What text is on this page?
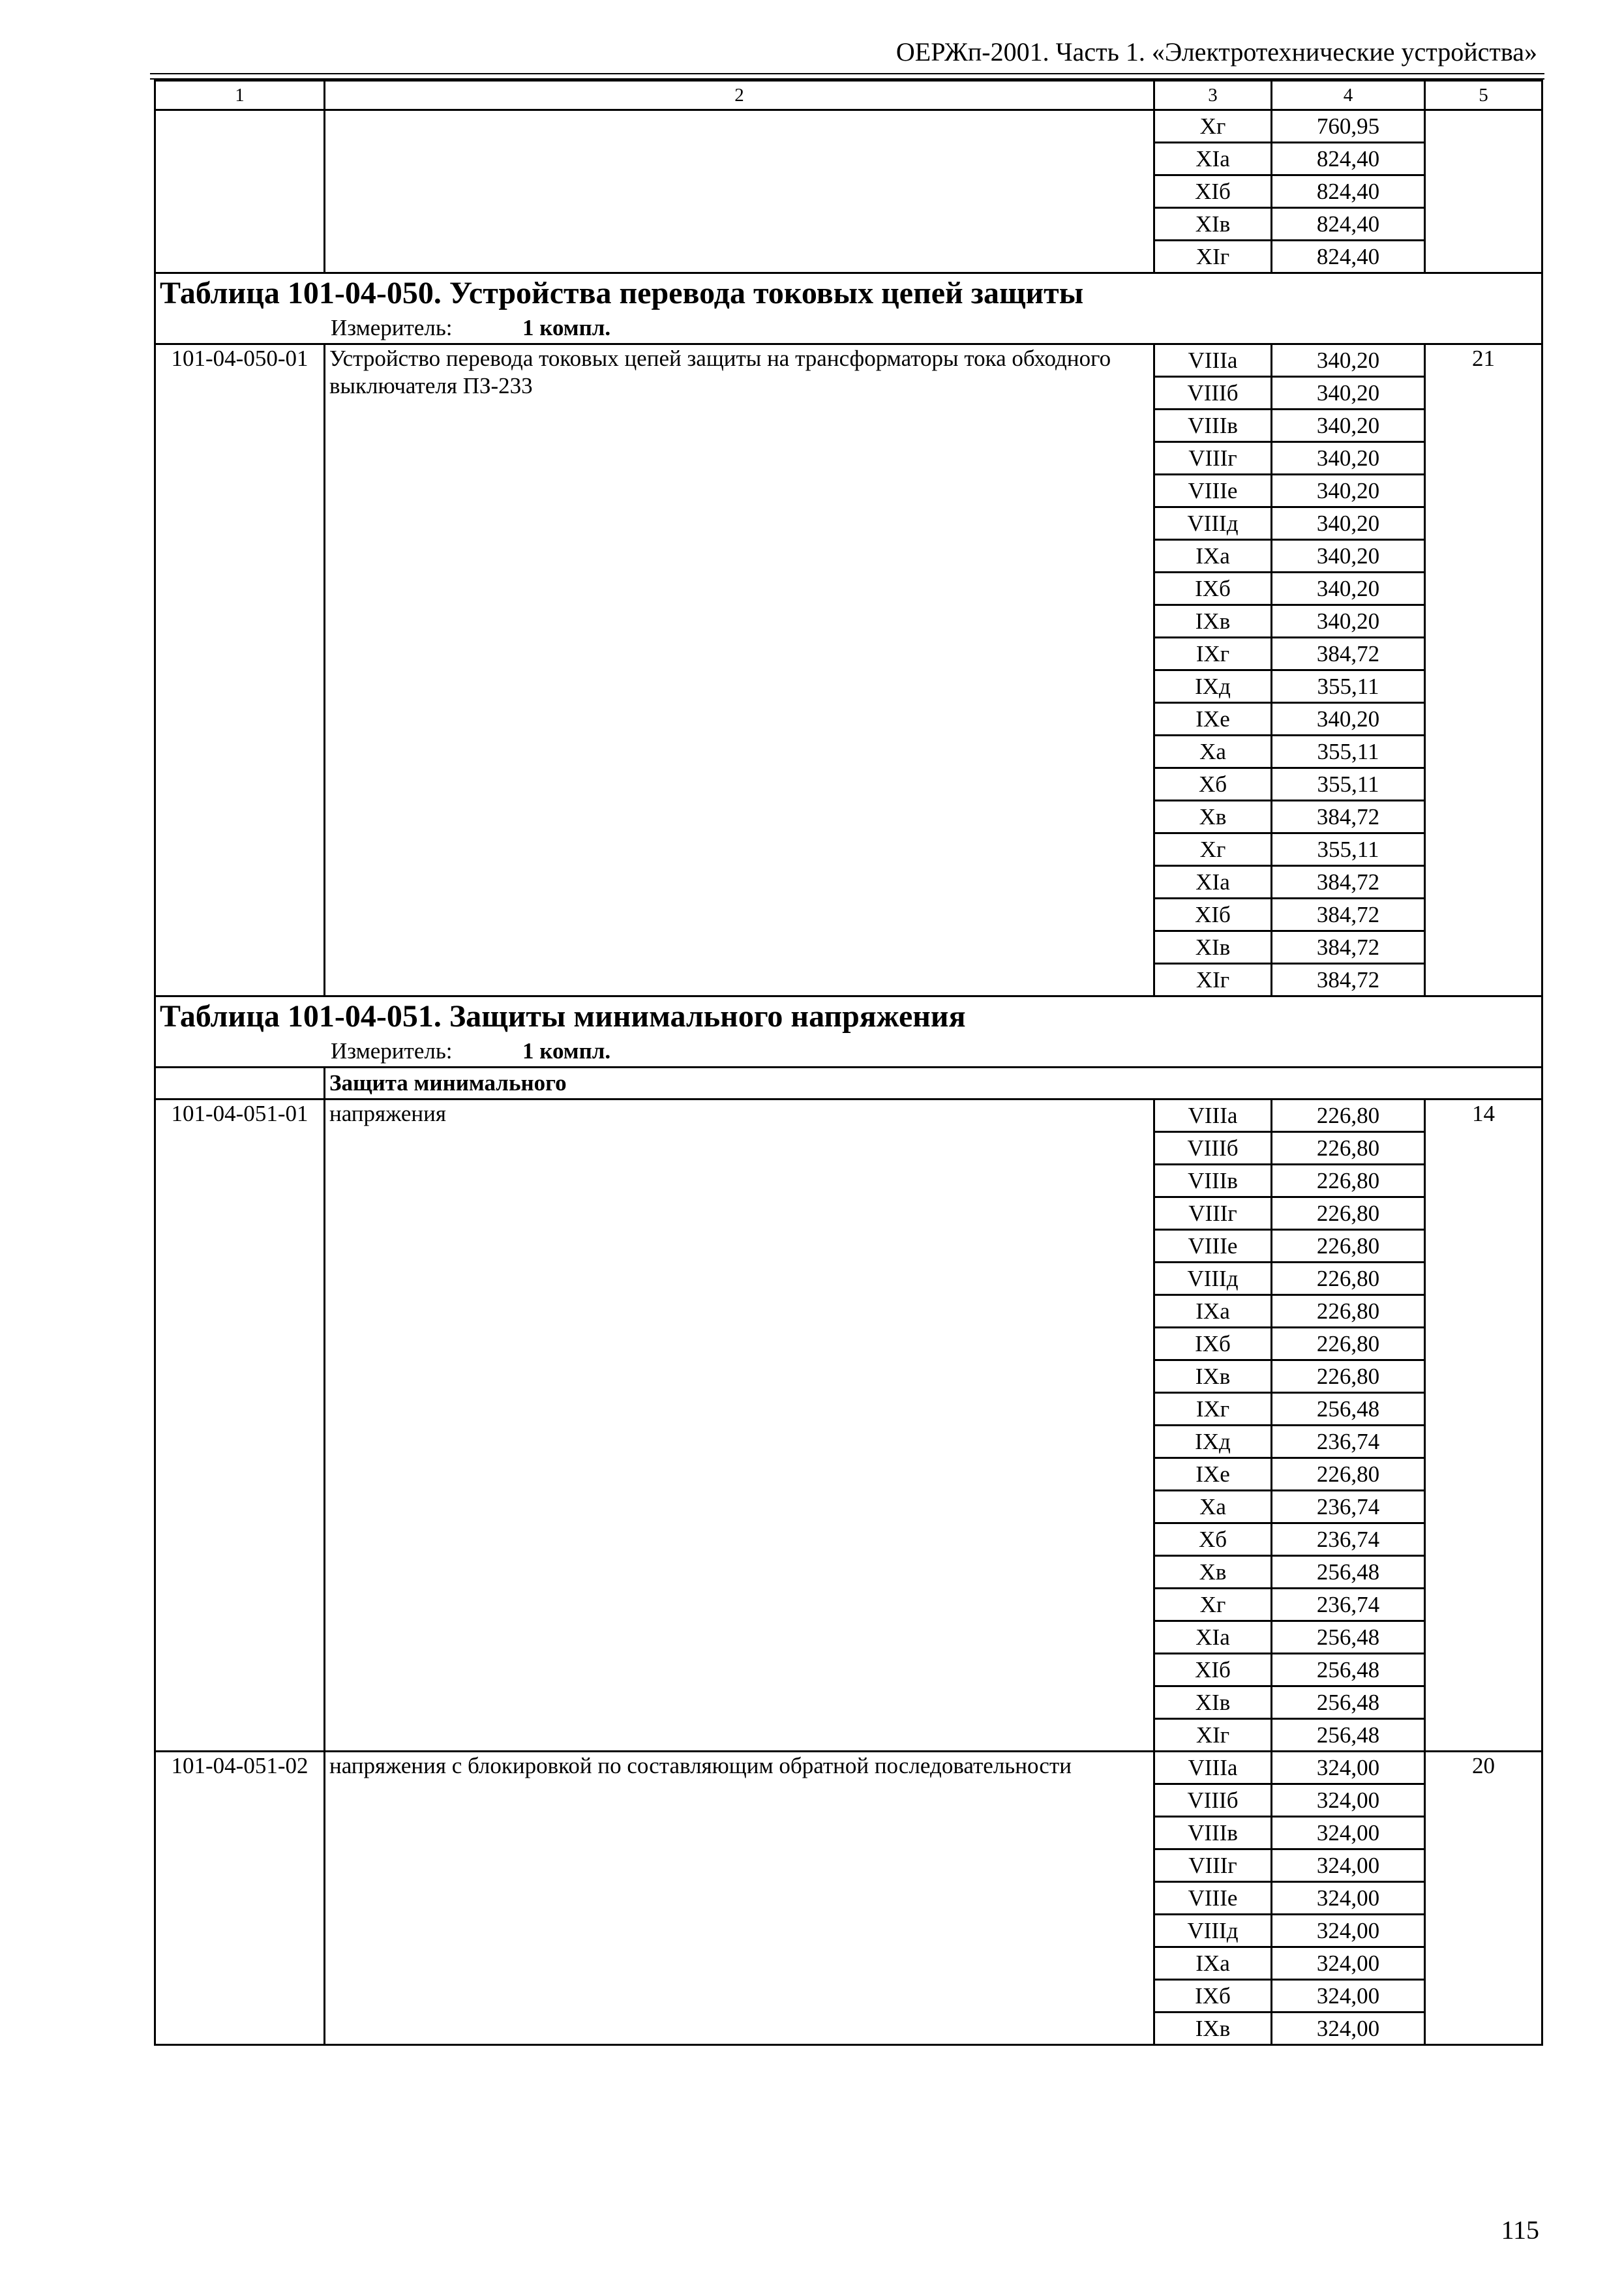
ОЕРЖп-2001. Часть 1. «Электротехнические устройства»
1	2	3	4	5
		Xг	760,95	
		XIа	824,40	
		XIб	824,40	
		XIв	824,40	
		XIг	824,40	
Таблица 101-04-050. Устройства перевода токовых цепей защиты				
Измеритель: 1 компл.				
101-04-050-01	Устройство перевода токовых цепей защиты на трансформаторы тока обходного выключателя ПЗ-233	VIIIа	340,20	21
		VIIIб	340,20	
		VIIIв	340,20	
		VIIIг	340,20	
		VIIIе	340,20	
		VIIIд	340,20	
		IXа	340,20	
		IXб	340,20	
		IXв	340,20	
		IXг	384,72	
		IXд	355,11	
		IXе	340,20	
		Xа	355,11	
		Xб	355,11	
		Xв	384,72	
		Xг	355,11	
		XIа	384,72	
		XIб	384,72	
		XIв	384,72	
		XIг	384,72	
Таблица 101-04-051. Защиты минимального напряжения				
Измеритель: 1 компл.				
	Защита минимального			
101-04-051-01	напряжения	VIIIа	226,80	14
		VIIIб	226,80	
		VIIIв	226,80	
		VIIIг	226,80	
		VIIIе	226,80	
		VIIIд	226,80	
		IXа	226,80	
		IXб	226,80	
		IXв	226,80	
		IXг	256,48	
		IXд	236,74	
		IXе	226,80	
		Xа	236,74	
		Xб	236,74	
		Xв	256,48	
		Xг	236,74	
		XIа	256,48	
		XIб	256,48	
		XIв	256,48	
		XIг	256,48	
101-04-051-02	напряжения с блокировкой по составляющим обратной последовательности	VIIIа	324,00	20
		VIIIб	324,00	
		VIIIв	324,00	
		VIIIг	324,00	
		VIIIе	324,00	
		VIIIд	324,00	
		IXа	324,00	
		IXб	324,00	
		IXв	324,00	
115
